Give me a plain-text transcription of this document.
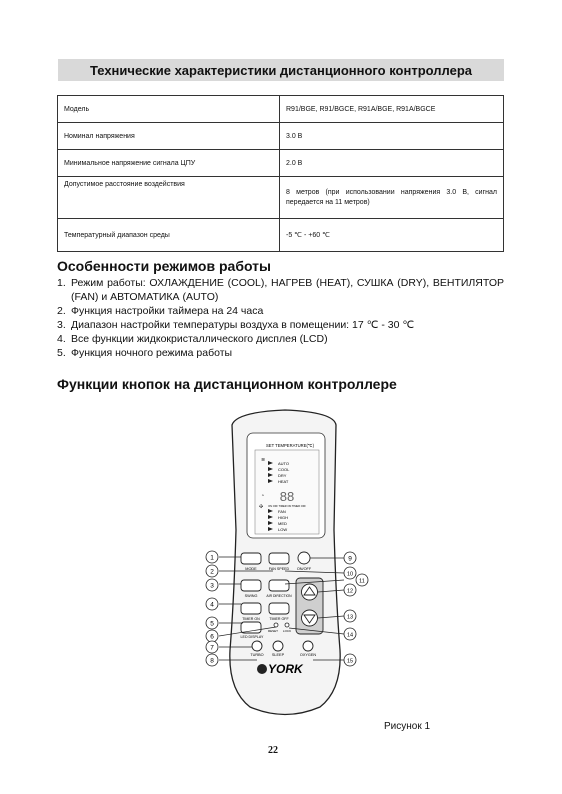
Технические характеристики дистанционного контроллера
Модель	R91/BGE, R91/BGCE, R91A/BGE, R91A/BGCE
Номинал напряжения	3.0 В
Минимальное напряжение сигнала ЦПУ	2.0 В
Допустимое расстояние воздействия	8 метров (при использовании напряжения 3.0 В, сигнал передается на 11 метров)
Температурный диапазон среды	-5 ℃ - +60 ℃
Особенности режимов работы
1. Режим работы: ОХЛАЖДЕНИЕ (COOL), НАГРЕВ (HEAT), СУШКА (DRY), ВЕНТИЛЯТОР (FAN) и АВТОМАТИКА (AUTO)
2. Функция настройки таймера на 24 часа
3. Диапазон настройки температуры воздуха в помещении: 17 ℃ - 30 ℃
4. Все функции жидкокристаллического дисплея (LCD)
5. Функция ночного режима работы
Функции кнопок на дистанционном контроллере
SET TEMPERATURE(℃)
≋
AUTO
COOL
DRY
HEAT
88
◔
ON OFF TIMER ON TIMER OFF
FAN
HIGH
MED
LOW
✣
MODE	FAN SPEED ON/OFF
SWING	AIR DIRECTION
TIMER ON	TIMER OFF
LED DISPLAY
RESET LOCK
TURBO SLEEP	OXYGEN
YORK
1
2
3
4
5
6
7
8
9
10
11
12
13
14
15
Рисунок 1
22
